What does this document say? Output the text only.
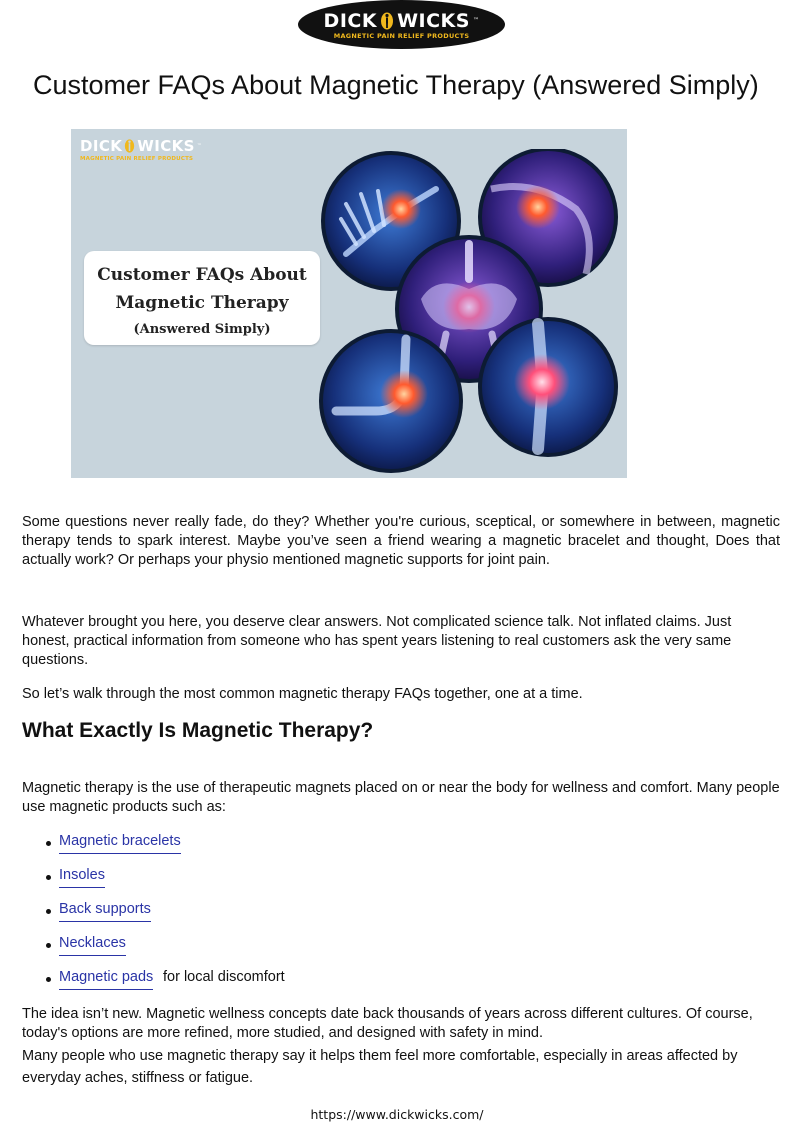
DICK WICKS ™
MAGNETIC PAIN RELIEF PRODUCTS
Customer FAQs About Magnetic Therapy (Answered Simply)
DICK WICKS ™
MAGNETIC PAIN RELIEF PRODUCTS
Customer FAQs About
Magnetic Therapy
(Answered Simply)

Some questions never really fade, do they? Whether you're curious, sceptical, or somewhere in between, magnetic therapy tends to spark interest. Maybe you’ve seen a friend wearing a magnetic bracelet and thought, Does that actually work? Or perhaps your physio mentioned magnetic supports for joint pain.

Whatever brought you here, you deserve clear answers. Not complicated science talk. Not inflated claims. Just honest, practical information from someone who has spent years listening to real customers ask the very same questions.

So let’s walk through the most common magnetic therapy FAQs together, one at a time.

What Exactly Is Magnetic Therapy?

Magnetic therapy is the use of therapeutic magnets placed on or near the body for wellness and comfort. Many people use magnetic products such as:

Magnetic bracelets
Insoles
Back supports
Necklaces
Magnetic pads for local discomfort

The idea isn’t new. Magnetic wellness concepts date back thousands of years across different cultures. Of course, today's options are more refined, more studied, and designed with safety in mind.

Many people who use magnetic therapy say it helps them feel more comfortable, especially in areas affected by everyday aches, stiffness or fatigue.

https://www.dickwicks.com/
